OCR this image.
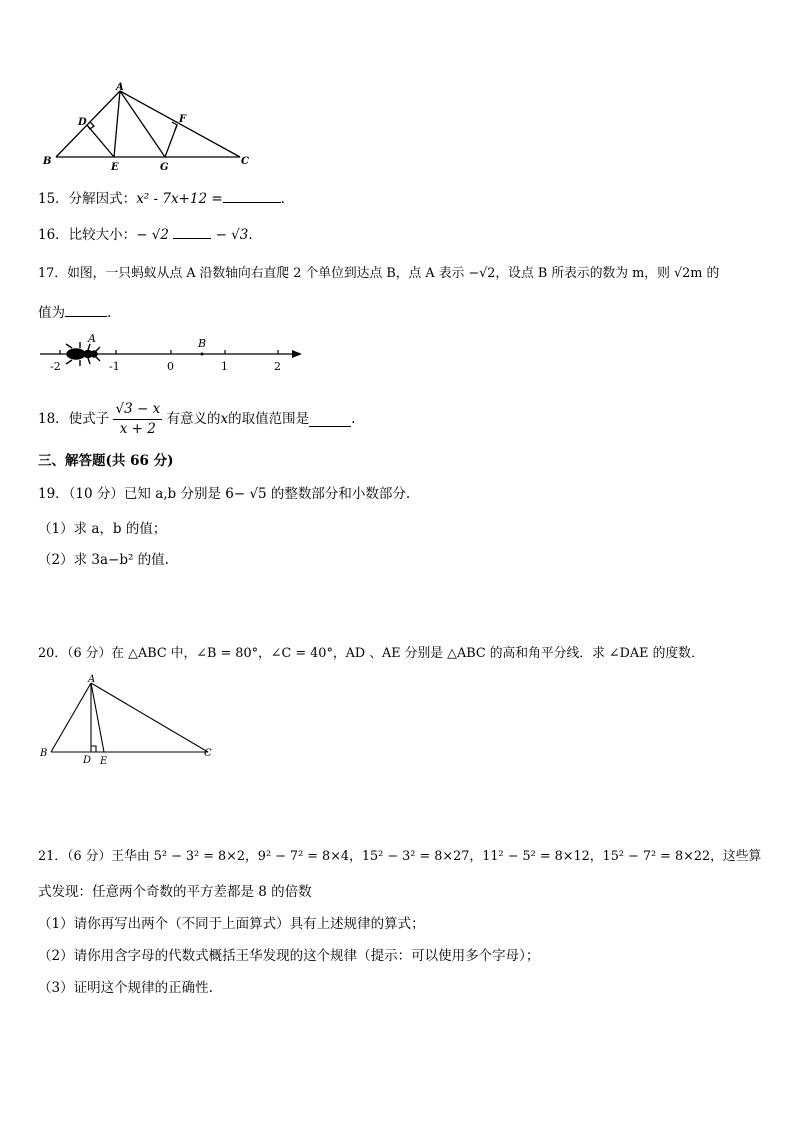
A
B	C
D
E
F
G
15．分解因式：x² - 7x+12 =	.
16．比较大小：− √2	− √3.
17．如图，一只蚂蚁从点 A 沿数轴向右直爬 2 个单位到达点 B，点 A 表示 −√2，设点 B 所表示的数为 m，则 √2m 的
值为	.
A	B
-2	-1	0	1	2
18．使式子 $\frac{√3 - x}{x + 2}$ 有意义的x的取值范围是	.
三、解答题(共 66 分)
19．（10 分）已知 a,b 分别是 6− √5 的整数部分和小数部分.
（1）求 a，b 的值；
（2）求 3a−b² 的值.
20．（6 分）在 △ABC 中，∠B = 80°，∠C = 40°，AD 、AE 分别是 △ABC 的高和角平分线．求 ∠DAE 的度数．
A
B	C
D E
21．（6 分）王华由 5² − 3² = 8×2，9² − 7² = 8×4，15² − 3² = 8×27，11² − 5² = 8×12，15² − 7² = 8×22，这些算
式发现：任意两个奇数的平方差都是 8 的倍数
（1）请你再写出两个（不同于上面算式）具有上述规律的算式；
（2）请你用含字母的代数式概括王华发现的这个规律（提示：可以使用多个字母）；
（3）证明这个规律的正确性.
